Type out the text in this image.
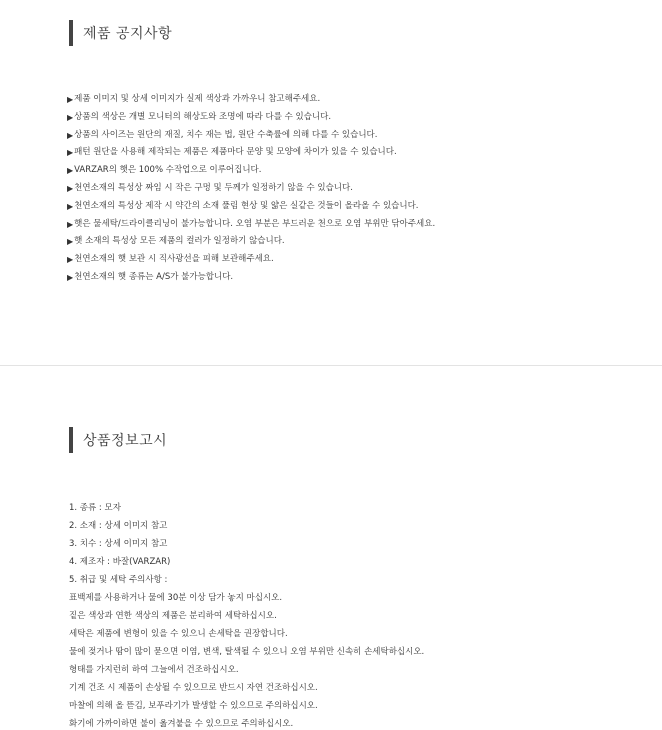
제품 공지사항
▶ 제품 이미지 및 상세 이미지가 실제 색상과 가까우니 참고해주세요.
▶ 상품의 색상은 개별 모니터의 해상도와 조명에 따라 다를 수 있습니다.
▶ 상품의 사이즈는 원단의 재질, 치수 재는 법, 원단 수축률에 의해 다를 수 있습니다.
▶ 패턴 원단을 사용해 제작되는 제품은 제품마다 문양 및 모양에 차이가 있을 수 있습니다.
▶ VARZAR의 햇은 100% 수작업으로 이루어집니다.
▶ 천연소재의 특성상 짜임 시 작은 구멍 및 두께가 일정하기 않을 수 있습니다.
▶ 천연소재의 특성상 제작 시 약간의 소재 풀림 현상 및 얇은 실같은 것들이 올라올 수 있습니다.
▶ 햇은 물세탁/드라이클리닝이 불가능합니다. 오염 부분은 부드러운 천으로 오염 부위만 닦아주세요.
▶ 햇 소재의 특성상 모든 제품의 컬러가 일정하기 않습니다.
▶ 천연소재의 햇 보관 시 직사광선을 피해 보관해주세요.
▶ 천연소재의 햇 종류는 A/S가 불가능합니다.
상품정보고시
1. 종류 : 모자
2. 소재 : 상세 이미지 참고
3. 치수 : 상세 이미지 참고
4. 제조자 : 바잘(VARZAR)
5. 취급 및 세탁 주의사항 :
표백제를 사용하거나 물에 30분 이상 담가 놓지 마십시오.
짙은 색상과 연한 색상의 제품은 분리하여 세탁하십시오.
세탁은 제품에 변형이 있을 수 있으니 손세탁을 권장합니다.
물에 젖거나 땀이 많이 묻으면 이염, 변색, 탈색될 수 있으니 오염 부위만 신속히 손세탁하십시오.
형태를 가지런히 하여 그늘에서 건조하십시오.
기계 건조 시 제품이 손상될 수 있으므로 반드시 자연 건조하십시오.
마찰에 의해 올 뜯김, 보푸라기가 발생할 수 있으므로 주의하십시오.
화기에 가까이하면 불이 옮겨붙을 수 있으므로 주의하십시오.
